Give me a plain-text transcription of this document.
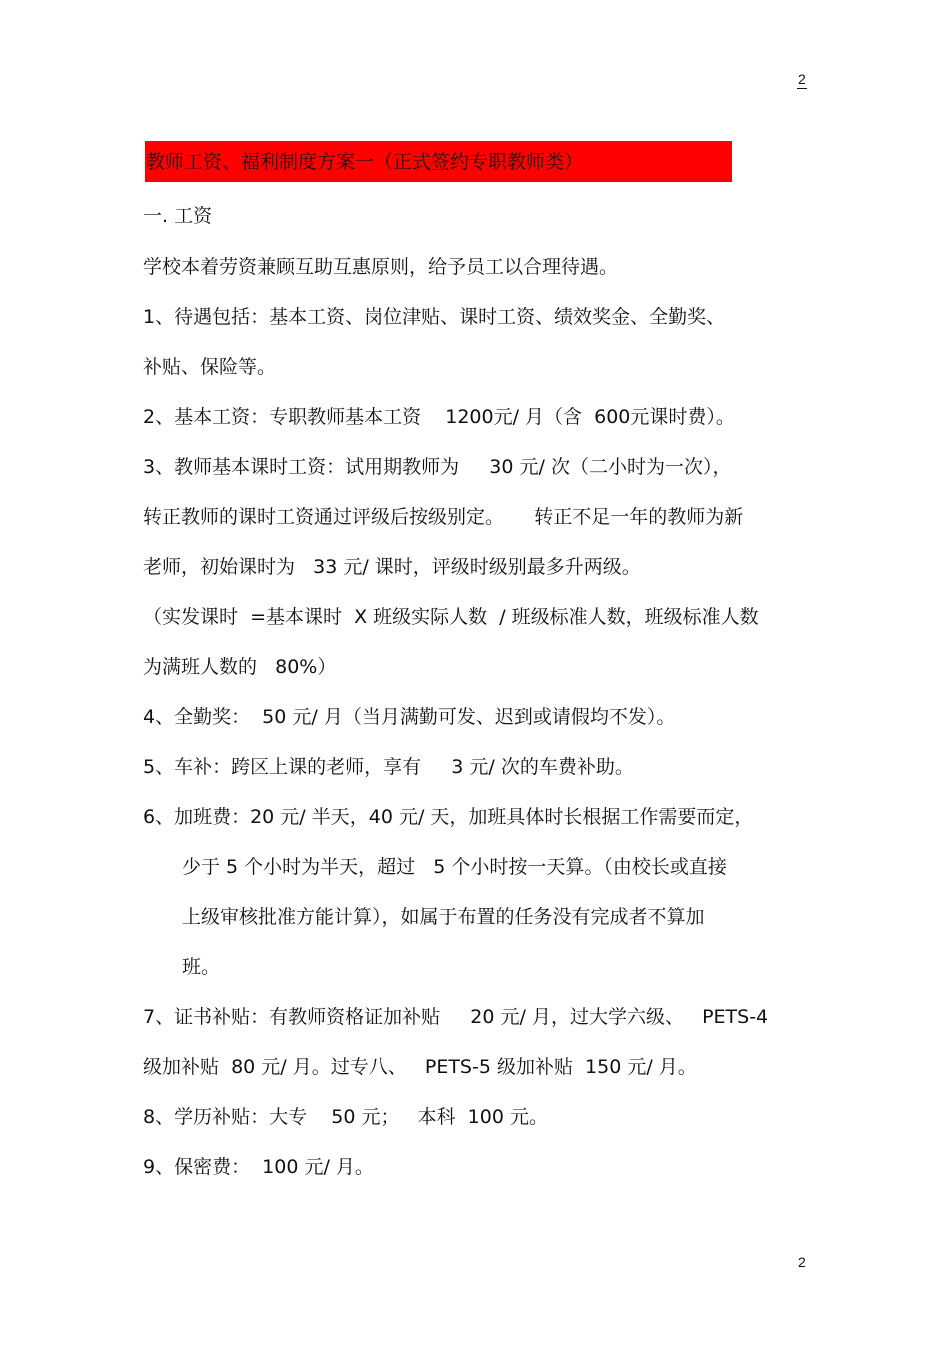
2
教师工资、福利制度方案一（正式签约专职教师类）
一. 工资
学校本着劳资兼顾互助互惠原则，给予员工以合理待遇。
1、待遇包括：基本工资、岗位津贴、课时工资、绩效奖金、全勤奖、
补贴、保险等。
2、基本工资：专职教师基本工资    1200元/ 月（含  600元课时费）。
3、教师基本课时工资：试用期教师为     30 元/ 次（二小时为一次），
转正教师的课时工资通过评级后按级别定。     转正不足一年的教师为新
老师，初始课时为   33 元/ 课时，评级时级别最多升两级。
（实发课时  =基本课时  X 班级实际人数  / 班级标准人数，班级标准人数
为满班人数的   80%）
4、全勤奖：  50 元/ 月（当月满勤可发、迟到或请假均不发）。
5、车补：跨区上课的老师，享有     3 元/ 次的车费补助。
6、加班费：20 元/ 半天，40 元/ 天，加班具体时长根据工作需要而定，
少于 5 个小时为半天，超过   5 个小时按一天算。（由校长或直接
上级审核批准方能计算），如属于布置的任务没有完成者不算加
班。
7、证书补贴：有教师资格证加补贴     20 元/ 月，过大学六级、   PETS-4
级加补贴  80 元/ 月。过专八、   PETS-5 级加补贴  150 元/ 月。
8、学历补贴：大专    50 元；   本科  100 元。
9、保密费：  100 元/ 月。
2
